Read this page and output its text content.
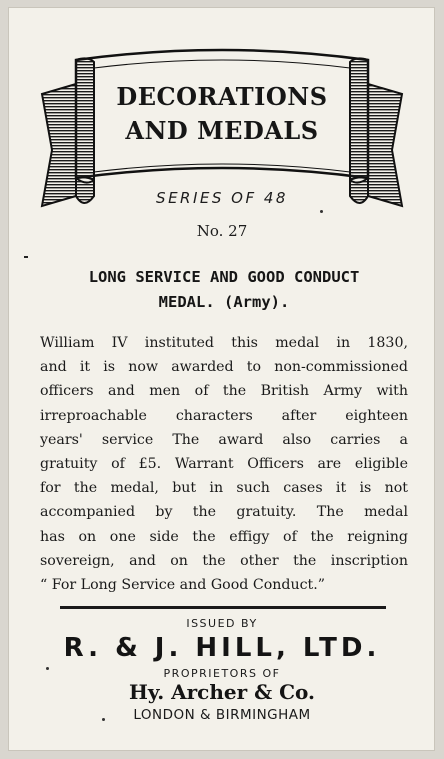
DECORATIONS
AND MEDALS
SERIES OF 48
No. 27
LONG SERVICE AND GOOD CONDUCT
MEDAL. (Army).
William IV instituted this medal in 1830,
and it is now awarded to non-commissioned
officers and men of the British Army with
irreproachable characters after eighteen
years' service The award also carries a
gratuity of £5. Warrant Officers are eligible
for the medal, but in such cases it is not
accompanied by the gratuity. The medal
has on one side the effigy of the reigning
sovereign, and on the other the inscription
“ For Long Service and Good Conduct.”
ISSUED BY
R. & J. HILL, LTD.
PROPRIETORS OF
Hy. Archer & Co.
LONDON & BIRMINGHAM
